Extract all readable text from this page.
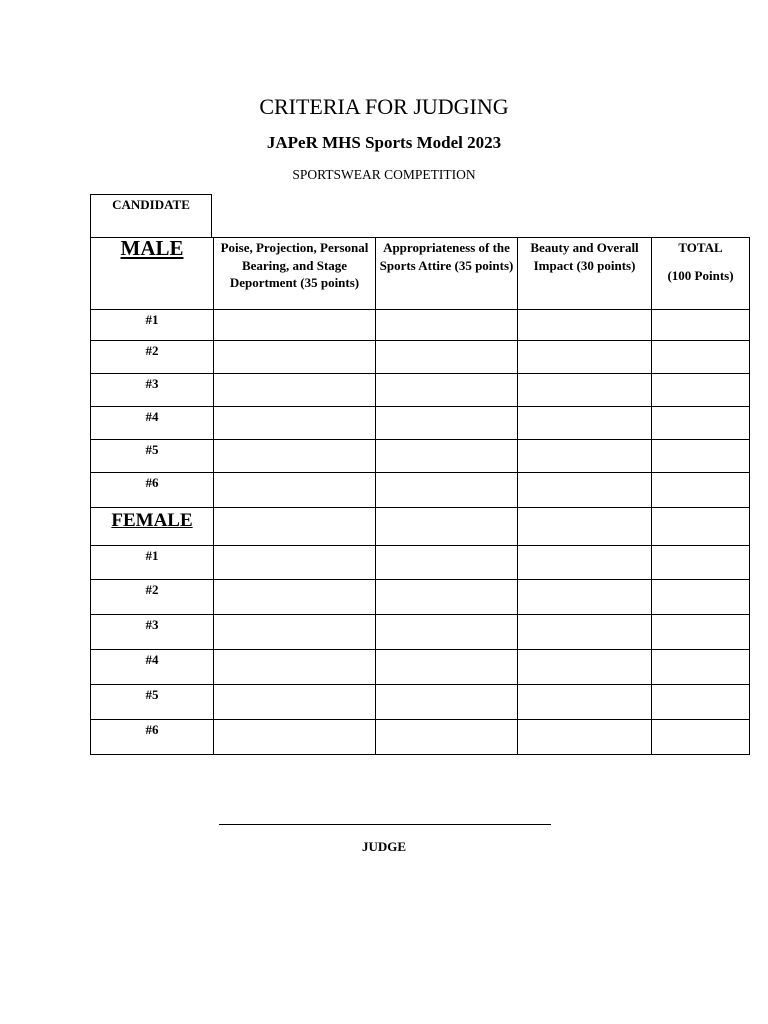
CRITERIA FOR JUDGING
JAPeR MHS Sports Model 2023
SPORTSWEAR COMPETITION
CANDIDATE
MALE	Poise, Projection, Personal Bearing, and Stage Deportment (35 points)	Appropriateness of the Sports Attire (35 points)	Beauty and Overall Impact (30 points)	TOTAL
(100 Points)

#1				
#2				
#3				
#4				
#5				
#6				
FEMALE				
#1				
#2				
#3				
#4				
#5				
#6				
JUDGE
